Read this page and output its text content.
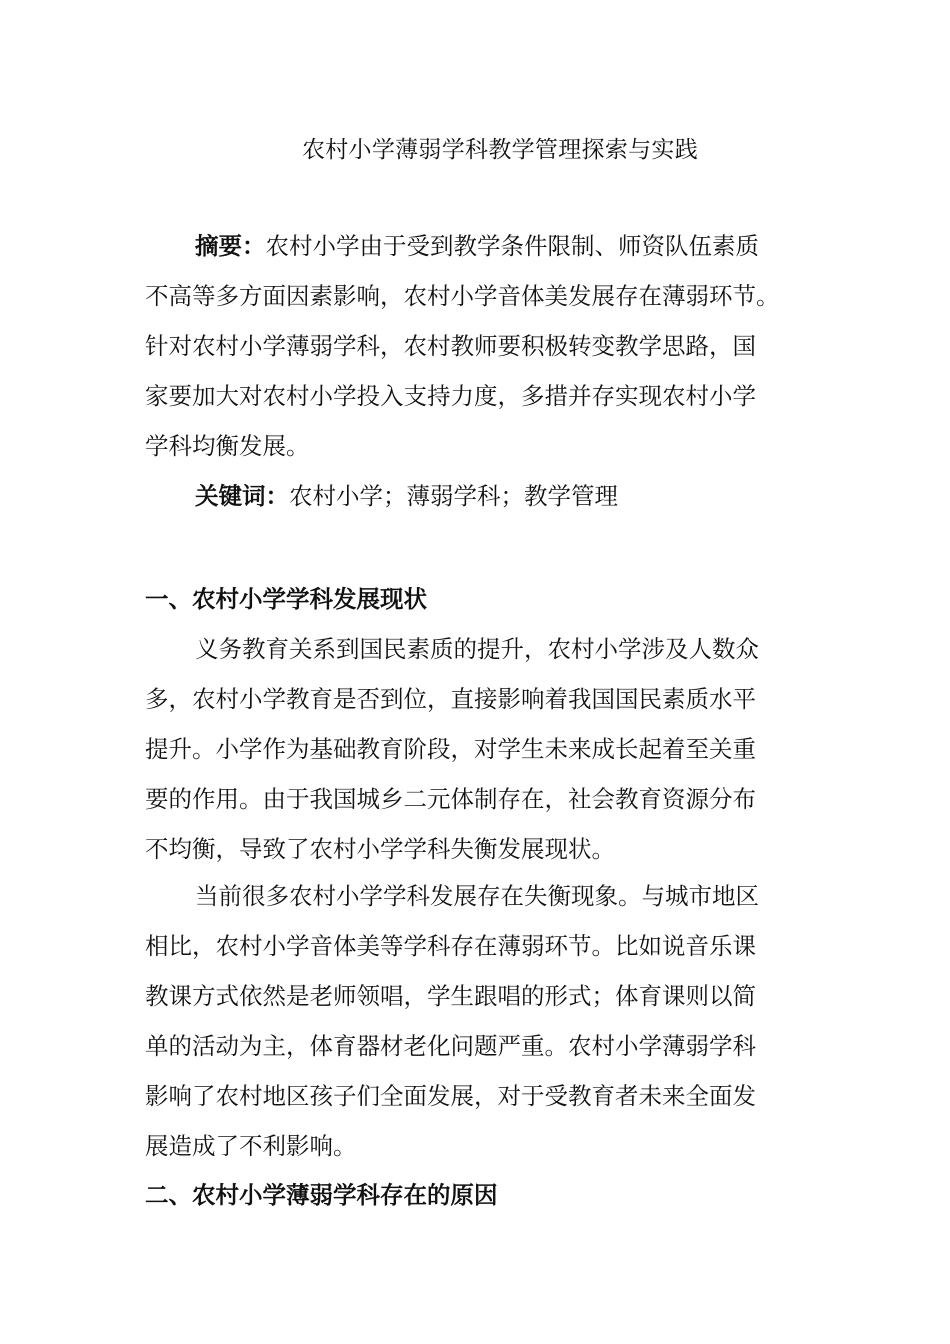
农村小学薄弱学科教学管理探索与实践
摘要：农村小学由于受到教学条件限制、师资队伍素质
不高等多方面因素影响，农村小学音体美发展存在薄弱环节。
针对农村小学薄弱学科，农村教师要积极转变教学思路，国
家要加大对农村小学投入支持力度，多措并存实现农村小学
学科均衡发展。
关键词：农村小学；薄弱学科；教学管理
一、农村小学学科发展现状
义务教育关系到国民素质的提升，农村小学涉及人数众
多，农村小学教育是否到位，直接影响着我国国民素质水平
提升。小学作为基础教育阶段，对学生未来成长起着至关重
要的作用。由于我国城乡二元体制存在，社会教育资源分布
不均衡，导致了农村小学学科失衡发展现状。
当前很多农村小学学科发展存在失衡现象。与城市地区
相比，农村小学音体美等学科存在薄弱环节。比如说音乐课
教课方式依然是老师领唱，学生跟唱的形式；体育课则以简
单的活动为主，体育器材老化问题严重。农村小学薄弱学科
影响了农村地区孩子们全面发展，对于受教育者未来全面发
展造成了不利影响。
二、农村小学薄弱学科存在的原因
